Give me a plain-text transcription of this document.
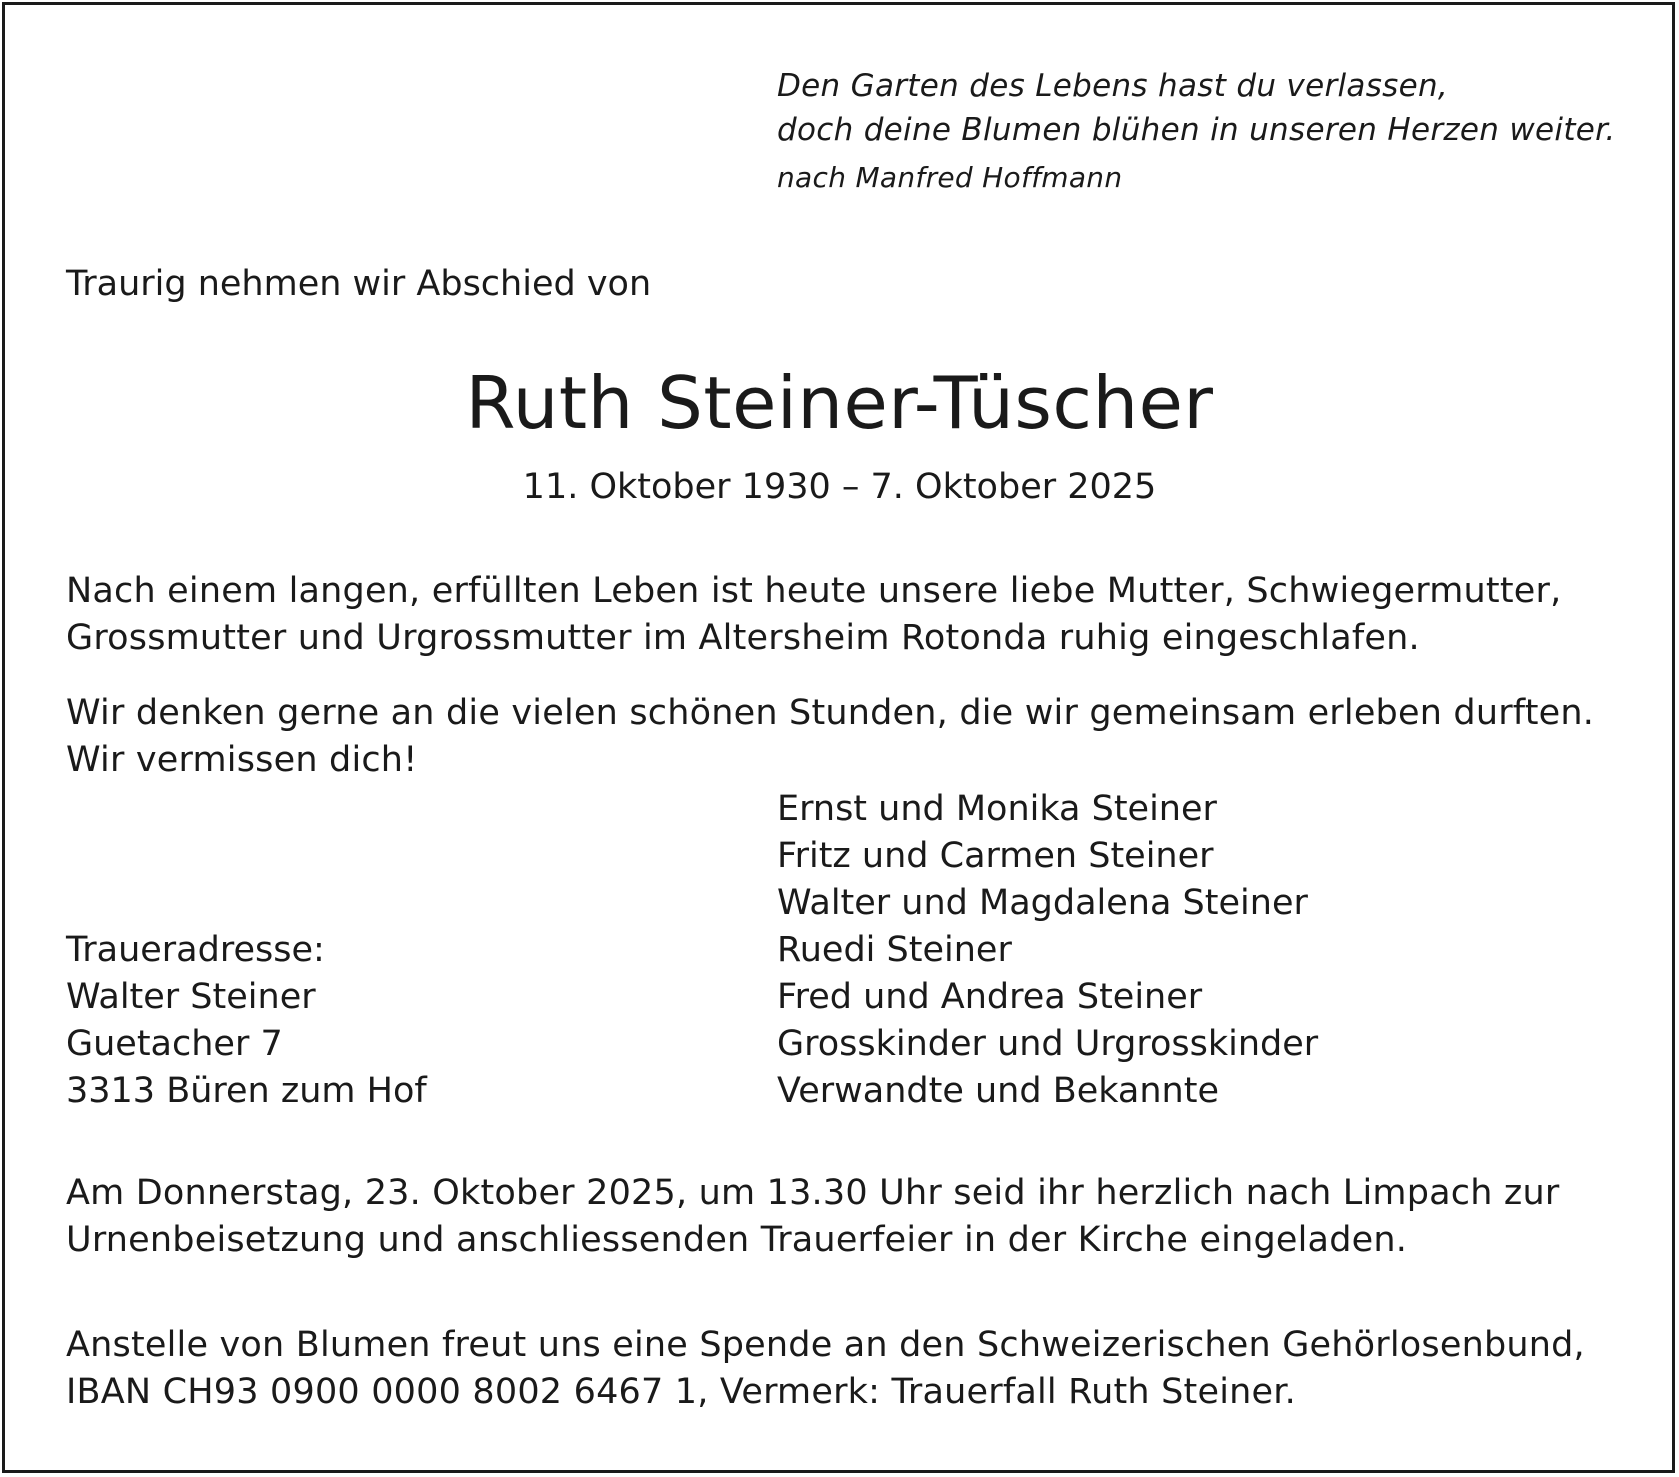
Den Garten des Lebens hast du verlassen,
doch deine Blumen blühen in unseren Herzen weiter.
nach Manfred Hoffmann
Traurig nehmen wir Abschied von
Ruth Steiner-Tüscher
11. Oktober 1930 – 7. Oktober 2025
Nach einem langen, erfüllten Leben ist heute unsere liebe Mutter, Schwiegermutter,
Grossmutter und Urgrossmutter im Altersheim Rotonda ruhig eingeschlafen.
Wir denken gerne an die vielen schönen Stunden, die wir gemeinsam erleben durften.
Wir vermissen dich!
Ernst und Monika Steiner
Fritz und Carmen Steiner
Walter und Magdalena Steiner
Ruedi Steiner
Fred und Andrea Steiner
Grosskinder und Urgrosskinder
Verwandte und Bekannte
Traueradresse:
Walter Steiner
Guetacher 7
3313 Büren zum Hof
Am Donnerstag, 23. Oktober 2025, um 13.30 Uhr seid ihr herzlich nach Limpach zur
Urnenbeisetzung und anschliessenden Trauerfeier in der Kirche eingeladen.
Anstelle von Blumen freut uns eine Spende an den Schweizerischen Gehörlosenbund,
IBAN CH93 0900 0000 8002 6467 1, Vermerk: Trauerfall Ruth Steiner.
